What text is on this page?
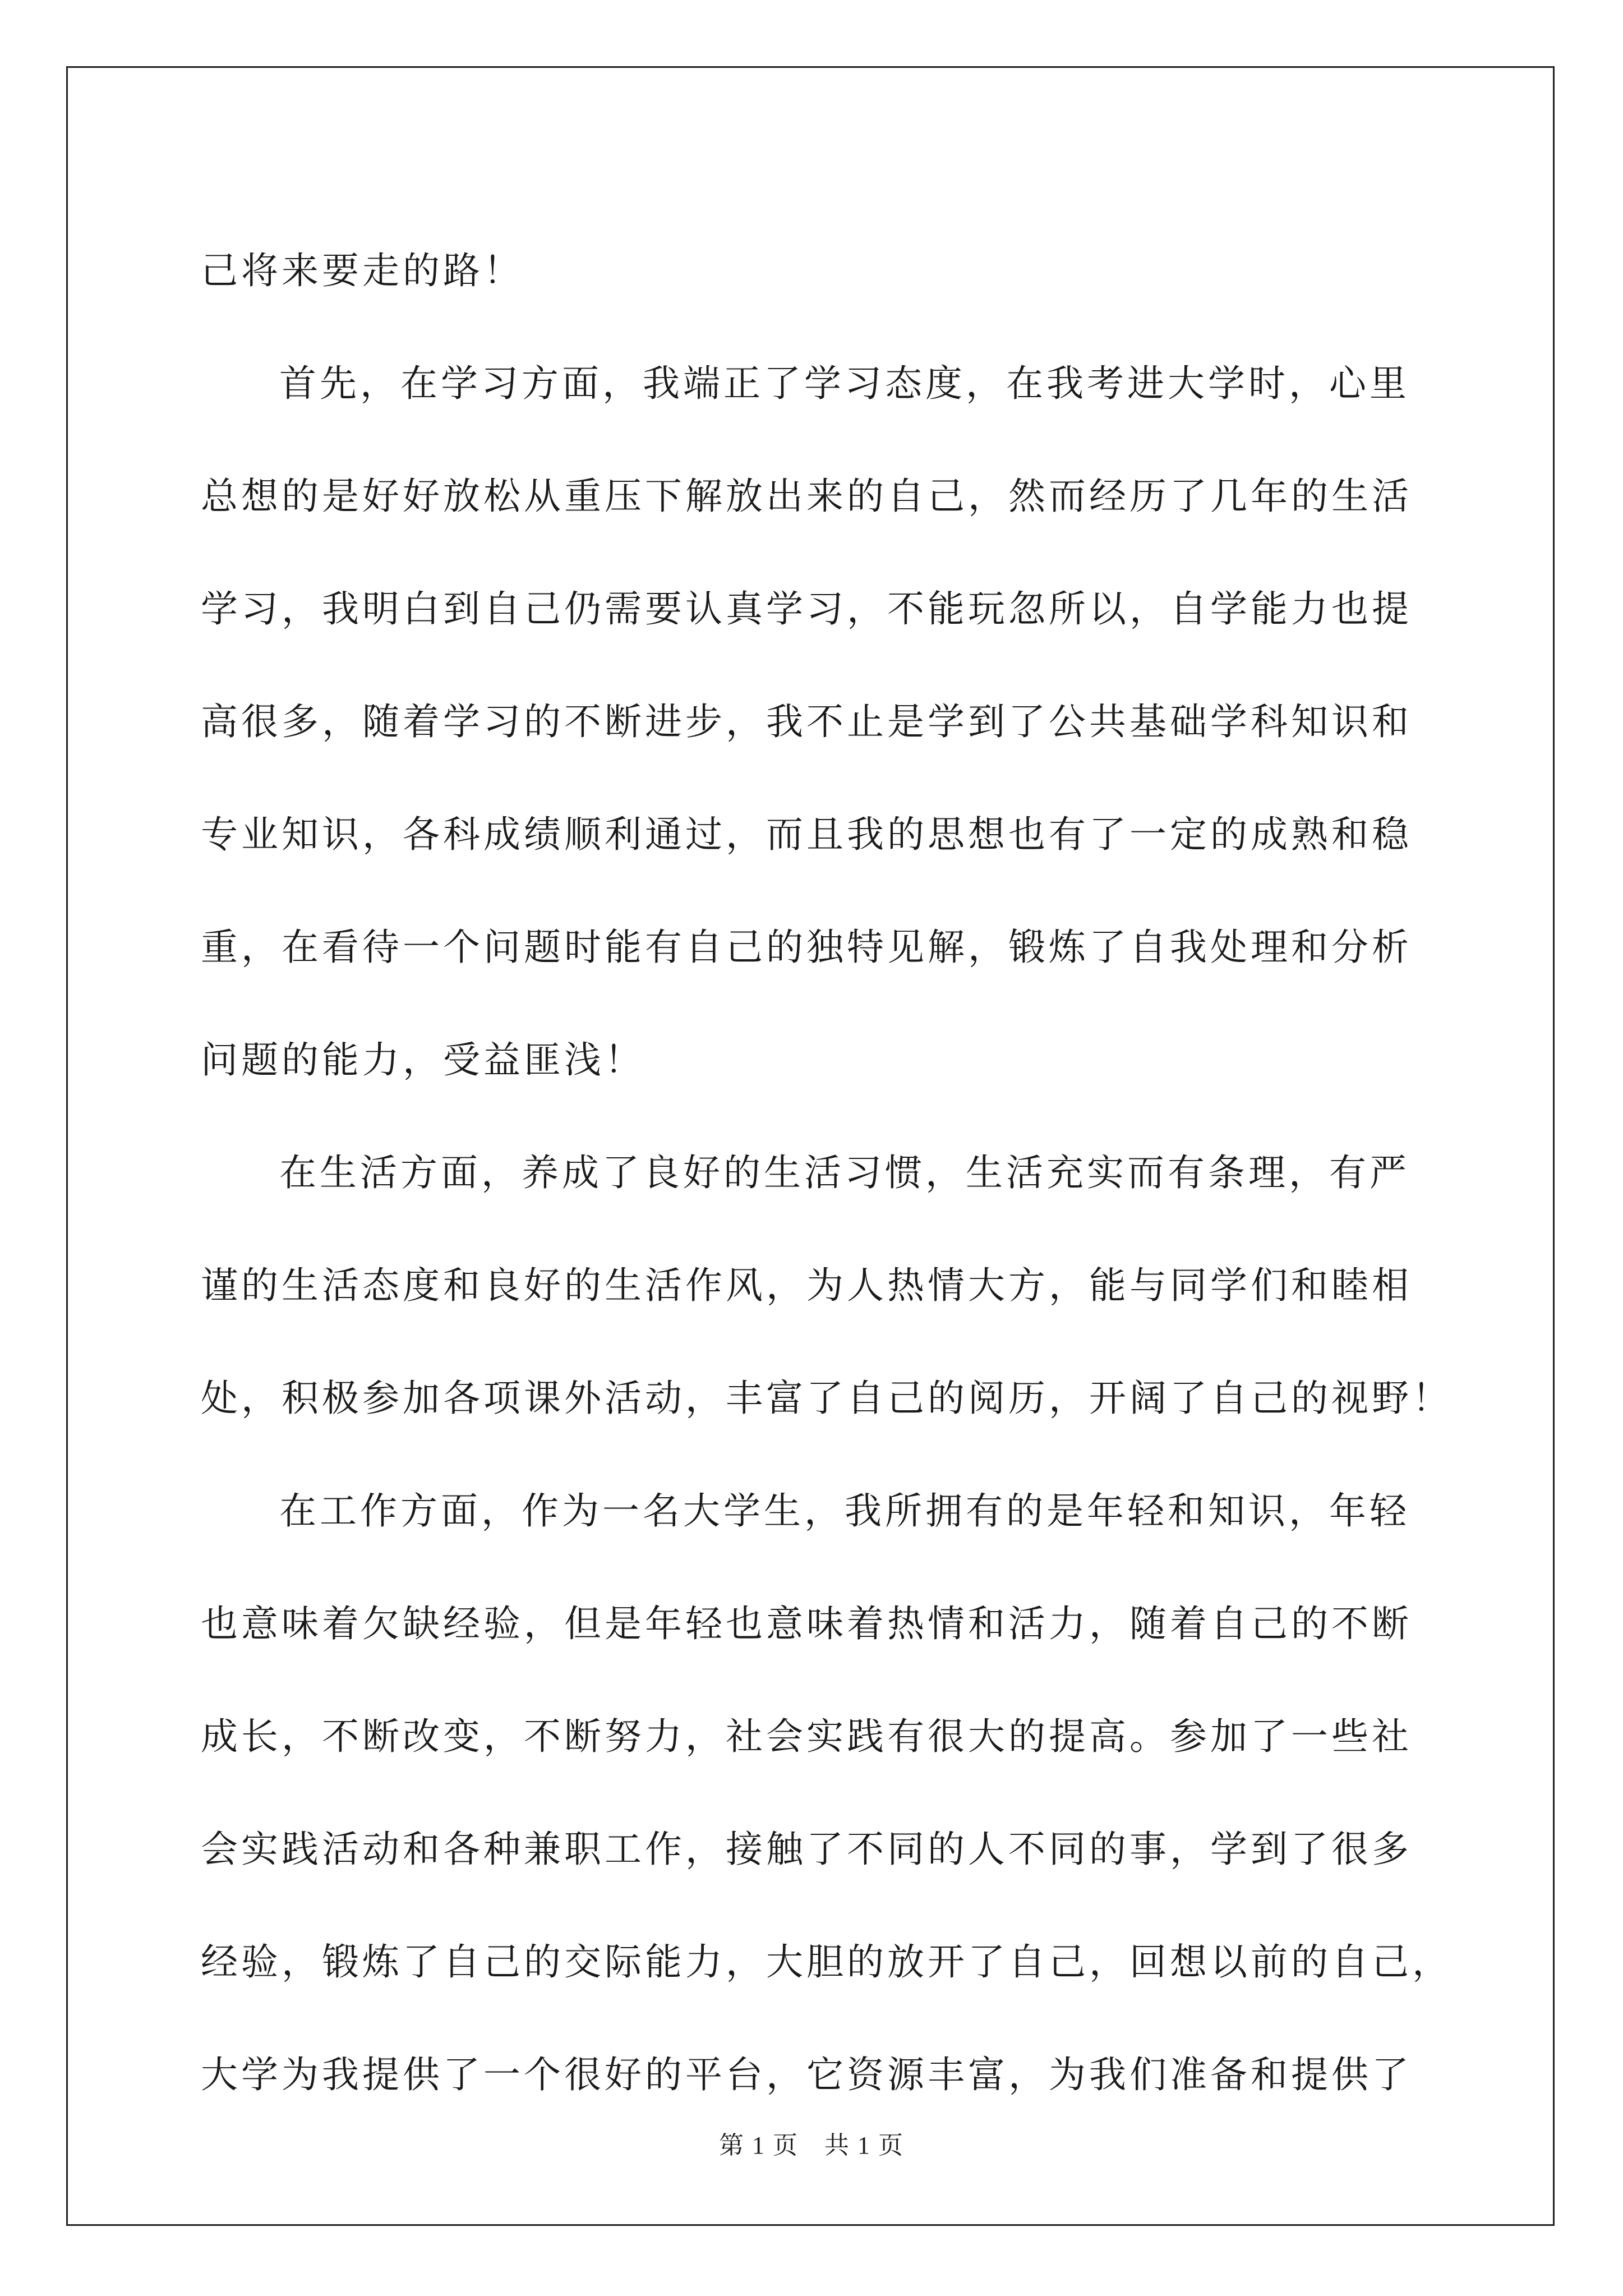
己将来要走的路！
首先，在学习方面，我端正了学习态度，在我考进大学时，心里
总想的是好好放松从重压下解放出来的自己，然而经历了几年的生活
学习，我明白到自己仍需要认真学习，不能玩忽所以，自学能力也提
高很多，随着学习的不断进步，我不止是学到了公共基础学科知识和
专业知识，各科成绩顺利通过，而且我的思想也有了一定的成熟和稳
重，在看待一个问题时能有自己的独特见解，锻炼了自我处理和分析
问题的能力，受益匪浅！
在生活方面，养成了良好的生活习惯，生活充实而有条理，有严
谨的生活态度和良好的生活作风，为人热情大方，能与同学们和睦相
处，积极参加各项课外活动，丰富了自己的阅历，开阔了自己的视野！
在工作方面，作为一名大学生，我所拥有的是年轻和知识，年轻
也意味着欠缺经验，但是年轻也意味着热情和活力，随着自己的不断
成长，不断改变，不断努力，社会实践有很大的提高。参加了一些社
会实践活动和各种兼职工作，接触了不同的人不同的事，学到了很多
经验，锻炼了自己的交际能力，大胆的放开了自己，回想以前的自己，
大学为我提供了一个很好的平台，它资源丰富，为我们准备和提供了
第 1 页　共 1 页
